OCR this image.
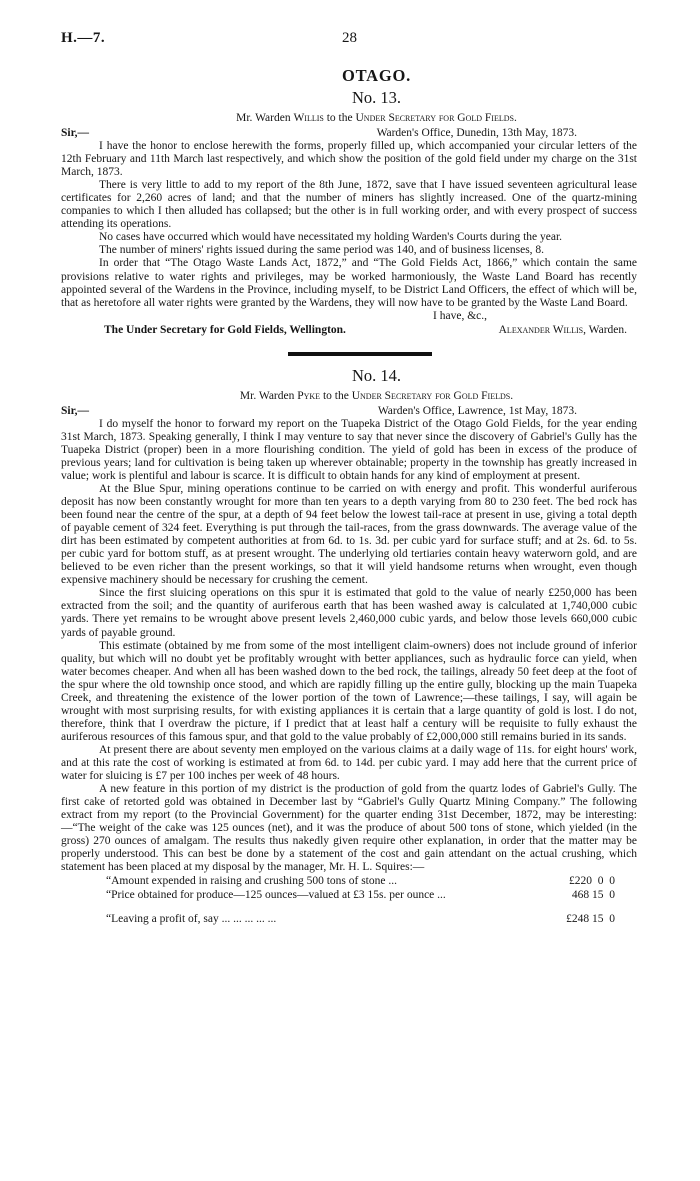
H.—7.	28
OTAGO.
No. 13.
Mr. Warden Willis to the Under Secretary for Gold Fields.
Sir,—	Warden's Office, Dunedin, 13th May, 1873.

I have the honor to enclose herewith the forms, properly filled up, which accompanied your circular letters of the 12th February and 11th March last respectively, and which show the position of the gold field under my charge on the 31st March, 1873.

There is very little to add to my report of the 8th June, 1872, save that I have issued seventeen agricultural lease certificates for 2,260 acres of land; and that the number of miners has slightly increased. One of the quartz-mining companies to which I then alluded has collapsed; but the other is in full working order, and with every prospect of success attending its operations.

No cases have occurred which would have necessitated my holding Warden's Courts during the year.

The number of miners' rights issued during the same period was 140, and of business licenses, 8.

In order that “The Otago Waste Lands Act, 1872,” and “The Gold Fields Act, 1866,” which contain the same provisions relative to water rights and privileges, may be worked harmoniously, the Waste Land Board has recently appointed several of the Wardens in the Province, including myself, to be District Land Officers, the effect of which will be, that as heretofore all water rights were granted by the Wardens, they will now have to be granted by the Waste Land Board.

I have, &c.,
The Under Secretary for Gold Fields, Wellington.	Alexander Willis, Warden.
No. 14.
Mr. Warden Pyke to the Under Secretary for Gold Fields.
Sir,—	Warden's Office, Lawrence, 1st May, 1873.

I do myself the honor to forward my report on the Tuapeka District of the Otago Gold Fields, for the year ending 31st March, 1873. Speaking generally, I think I may venture to say that never since the discovery of Gabriel's Gully has the Tuapeka District (proper) been in a more flourishing condition. The yield of gold has been in excess of the produce of previous years; land for cultivation is being taken up wherever obtainable; property in the township has greatly increased in value; work is plentiful and labour is scarce. It is difficult to obtain hands for any kind of employment at present.

At the Blue Spur, mining operations continue to be carried on with energy and profit. This wonderful auriferous deposit has now been constantly wrought for more than ten years to a depth varying from 80 to 230 feet. The bed rock has been found near the centre of the spur, at a depth of 94 feet below the lowest tail-race at present in use, giving a total depth of payable cement of 324 feet. Everything is put through the tail-races, from the grass downwards. The average value of the dirt has been estimated by competent authorities at from 6d. to 1s. 3d. per cubic yard for surface stuff; and at 2s. 6d. to 5s. per cubic yard for bottom stuff, as at present wrought. The underlying old tertiaries contain heavy waterworn gold, and are believed to be even richer than the present workings, so that it will yield handsome returns when wrought, even though expensive machinery should be necessary for crushing the cement.

Since the first sluicing operations on this spur it is estimated that gold to the value of nearly £250,000 has been extracted from the soil; and the quantity of auriferous earth that has been washed away is calculated at 1,740,000 cubic yards. There yet remains to be wrought above present levels 2,460,000 cubic yards, and below those levels 660,000 cubic yards of payable ground.

This estimate (obtained by me from some of the most intelligent claim-owners) does not include ground of inferior quality, but which will no doubt yet be profitably wrought with better appliances, such as hydraulic force can yield, when water becomes cheaper. And when all has been washed down to the bed rock, the tailings, already 50 feet deep at the foot of the spur where the old township once stood, and which are rapidly filling up the entire gully, blocking up the main Tuapeka Creek, and threatening the existence of the lower portion of the town of Lawrence;—these tailings, I say, will again be wrought with most surprising results, for with existing appliances it is certain that a large quantity of gold is lost. I do not, therefore, think that I overdraw the picture, if I predict that at least half a century will be requisite to fully exhaust the auriferous resources of this famous spur, and that gold to the value probably of £2,000,000 still remains buried in its sands.

At present there are about seventy men employed on the various claims at a daily wage of 11s. for eight hours' work, and at this rate the cost of working is estimated at from 6d. to 14d. per cubic yard. I may add here that the current price of water for sluicing is £7 per 100 inches per week of 48 hours.

A new feature in this portion of my district is the production of gold from the quartz lodes of Gabriel's Gully. The first cake of retorted gold was obtained in December last by “Gabriel's Gully Quartz Mining Company.” The following extract from my report (to the Provincial Government) for the quarter ending 31st December, 1872, may be interesting:—“The weight of the cake was 125 ounces (net), and it was the produce of about 500 tons of stone, which yielded (in the gross) 270 ounces of amalgam. The results thus nakedly given require other explanation, in order that the matter may be properly understood. This can best be done by a statement of the cost and gain attendant on the actual crushing, which statement has been placed at my disposal by the manager, Mr. H. L. Squires:—

“Amount expended in raising and crushing 500 tons of stone ...	£220  0  0
“Price obtained for produce—125 ounces—valued at £3 15s. per ounce ...	468 15  0
“Leaving a profit of, say ... ... ... ... ...	£248 15  0
